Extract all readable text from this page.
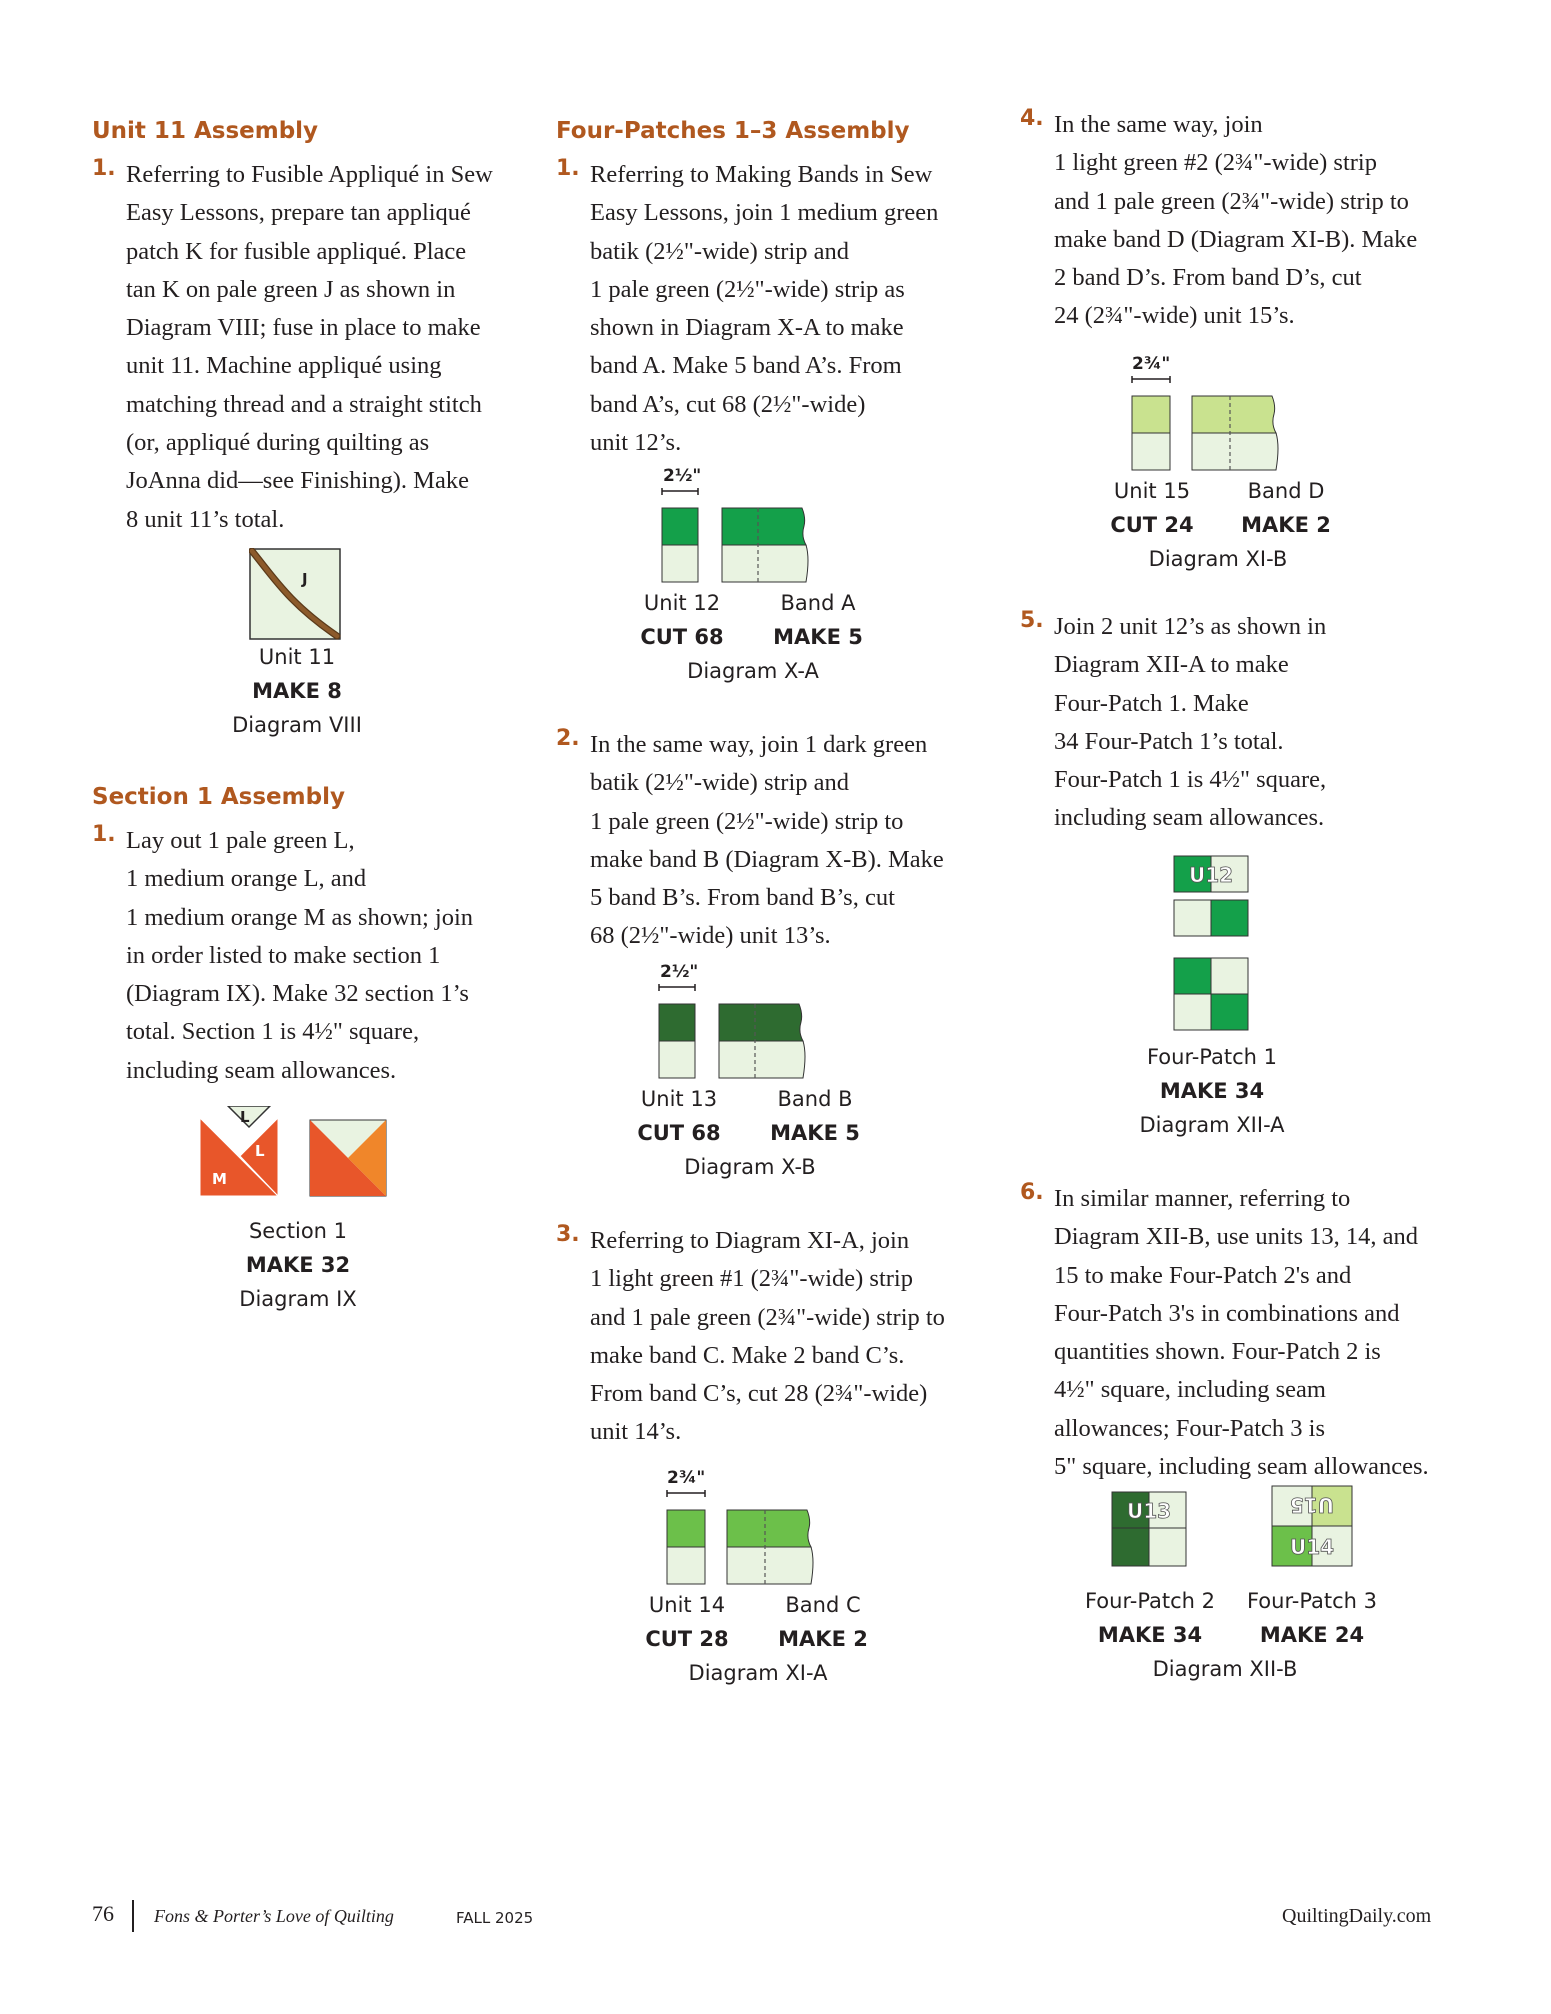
Unit 11 Assembly
1. Referring to Fusible Appliqué in Sew
Easy Lessons, prepare tan appliqué
patch K for fusible appliqué. Place
tan K on pale green J as shown in
Diagram VIII; fuse in place to make
unit 11. Machine appliqué using
matching thread and a straight stitch
(or, appliqué during quilting as
JoAnna did—see Finishing). Make
8 unit 11’s total.

J
Unit 11
MAKE 8
Diagram VIII
Section 1 Assembly
1. Lay out 1 pale green L,
1 medium orange L, and
1 medium orange M as shown; join
in order listed to make section 1
(Diagram IX). Make 32 section 1’s
total. Section 1 is 4½" square,
including seam allowances.

L
L
M
Section 1
MAKE 32
Diagram IX
Four-Patches 1–3 Assembly
1. Referring to Making Bands in Sew
Easy Lessons, join 1 medium green
batik (2½"-wide) strip and
1 pale green (2½"-wide) strip as
shown in Diagram X-A to make
band A. Make 5 band A’s. From
band A’s, cut 68 (2½"-wide)
unit 12’s.

2½"
Unit 12
CUT 68
Band A
MAKE 5
Diagram X-A
2. In the same way, join 1 dark green
batik (2½"-wide) strip and
1 pale green (2½"-wide) strip to
make band B (Diagram X-B). Make
5 band B’s. From band B’s, cut
68 (2½"-wide) unit 13’s.

2½"
Unit 13
CUT 68
Band B
MAKE 5
Diagram X-B
3. Referring to Diagram XI-A, join
1 light green #1 (2¾"-wide) strip
and 1 pale green (2¾"-wide) strip to
make band C. Make 2 band C’s.
From band C’s, cut 28 (2¾"-wide)
unit 14’s.

2¾"
Unit 14
CUT 28
Band C
MAKE 2
Diagram XI-A
4. In the same way, join
1 light green #2 (2¾"-wide) strip
and 1 pale green (2¾"-wide) strip to
make band D (Diagram XI-B). Make
2 band D’s. From band D’s, cut
24 (2¾"-wide) unit 15’s.

2¾"
Unit 15
CUT 24
Band D
MAKE 2
Diagram XI-B
5. Join 2 unit 12’s as shown in
Diagram XII-A to make
Four-Patch 1. Make
34 Four-Patch 1’s total.
Four-Patch 1 is 4½" square,
including seam allowances.

U12
Four-Patch 1
MAKE 34
Diagram XII-A
6. In similar manner, referring to
Diagram XII-B, use units 13, 14, and
15 to make Four-Patch 2's and
Four-Patch 3's in combinations and
quantities shown. Four-Patch 2 is
4½" square, including seam
allowances; Four-Patch 3 is
5" square, including seam allowances.

U13	U15
U14
Four-Patch 2
MAKE 34
Four-Patch 3
MAKE 24
Diagram XII-B
76 Fons & Porter’s Love of Quilting	FALL 2025	QuiltingDaily.com
